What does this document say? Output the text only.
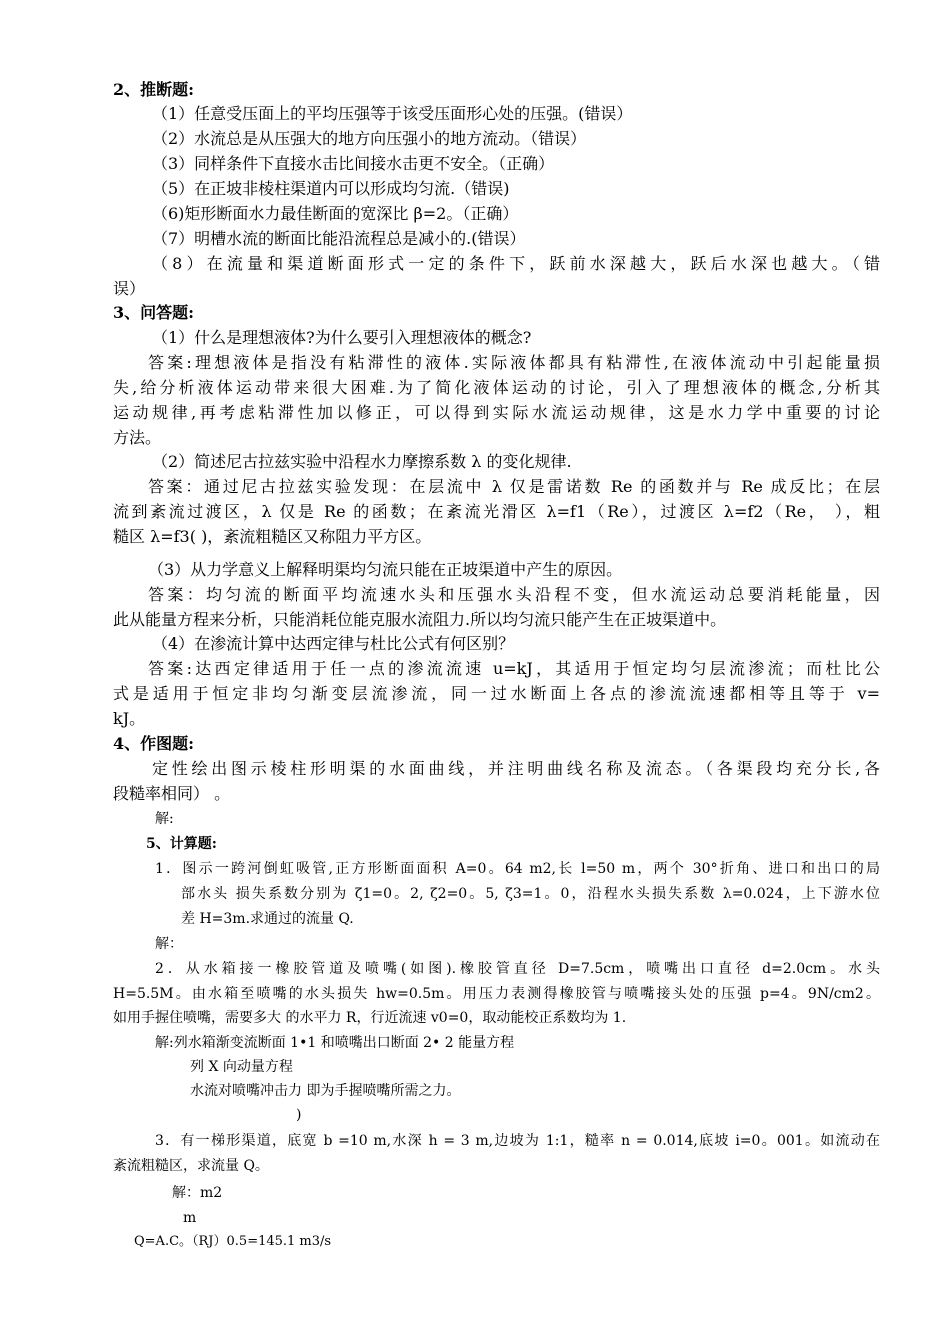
2、推断题:
（1）任意受压面上的平均压强等于该受压面形心处的压强。(错误）
（2）水流总是从压强大的地方向压强小的地方流动。（错误）
（3）同样条件下直接水击比间接水击更不安全。（正确）
（5）在正坡非棱柱渠道内可以形成均匀流.（错误)
（6)矩形断面水力最佳断面的宽深比 β=2。（正确）
（7）明槽水流的断面比能沿流程总是减小的.(错误）
（8）在流量和渠道断面形式一定的条件下，跃前水深越大，跃后水深也越大。（错
误）
3、问答题:
（1）什么是理想液体?为什么要引入理想液体的概念?
答案:理想液体是指没有粘滞性的液体.实际液体都具有粘滞性,在液体流动中引起能量损
失,给分析液体运动带来很大困难.为了简化液体运动的讨论，引入了理想液体的概念,分析其
运动规律,再考虑粘滞性加以修正，可以得到实际水流运动规律，这是水力学中重要的讨论
方法。
（2）简述尼古拉兹实验中沿程水力摩擦系数 λ 的变化规律.
答案：通过尼古拉兹实验发现：在层流中 λ 仅是雷诺数 Re 的函数并与 Re 成反比；在层
流到紊流过渡区，λ 仅是 Re 的函数；在紊流光滑区 λ=f1（Re），过渡区 λ=f2（Re， ），粗
糙区 λ=f3( )，紊流粗糙区又称阻力平方区。
（3）从力学意义上解释明渠均匀流只能在正坡渠道中产生的原因。
答案：均匀流的断面平均流速水头和压强水头沿程不变，但水流运动总要消耗能量，因
此从能量方程来分析，只能消耗位能克服水流阻力.所以均匀流只能产生在正坡渠道中。
（4）在渗流计算中达西定律与杜比公式有何区别？
答案:达西定律适用于任一点的渗流流速 u=kJ，其适用于恒定均匀层流渗流；而杜比公
式是适用于恒定非均匀渐变层流渗流，同一过水断面上各点的渗流流速都相等且等于 v=
kJ。
4、作图题:
定性绘出图示棱柱形明渠的水面曲线，并注明曲线名称及流态。（各渠段均充分长,各
段糙率相同） 。
解:
5、计算题:
1．图示一跨河倒虹吸管,正方形断面面积 A=0。64 m2,长 l=50 m，两个 30°折角、进口和出口的局
部水头 损失系数分别为 ζ1=0。2, ζ2=0。5, ζ3=1。0，沿程水头损失系数 λ=0.024，上下游水位
差 H=3m.求通过的流量 Q.
解：
2．从水箱接一橡胶管道及喷嘴(如图).橡胶管直径 D=7.5cm，喷嘴出口直径 d=2.0cm。水头
H=5.5M。由水箱至喷嘴的水头损失 hw=0.5m。用压力表测得橡胶管与喷嘴接头处的压强 p=4。9N/cm2。
如用手握住喷嘴，需要多大 的水平力 R，行近流速 v0=0，取动能校正系数均为 1.
解:列水箱渐变流断面 1•1 和喷嘴出口断面 2• 2 能量方程
列 X 向动量方程
水流对喷嘴冲击力 即为手握喷嘴所需之力。
)
3．有一梯形渠道，底宽 b =10 m,水深 h = 3 m,边坡为 1:1，糙率 n = 0.014,底坡 i=0。001。如流动在
紊流粗糙区，求流量 Q。
解：m2
m
Q=A.C。（RJ）0.5=145.1 m3/s
